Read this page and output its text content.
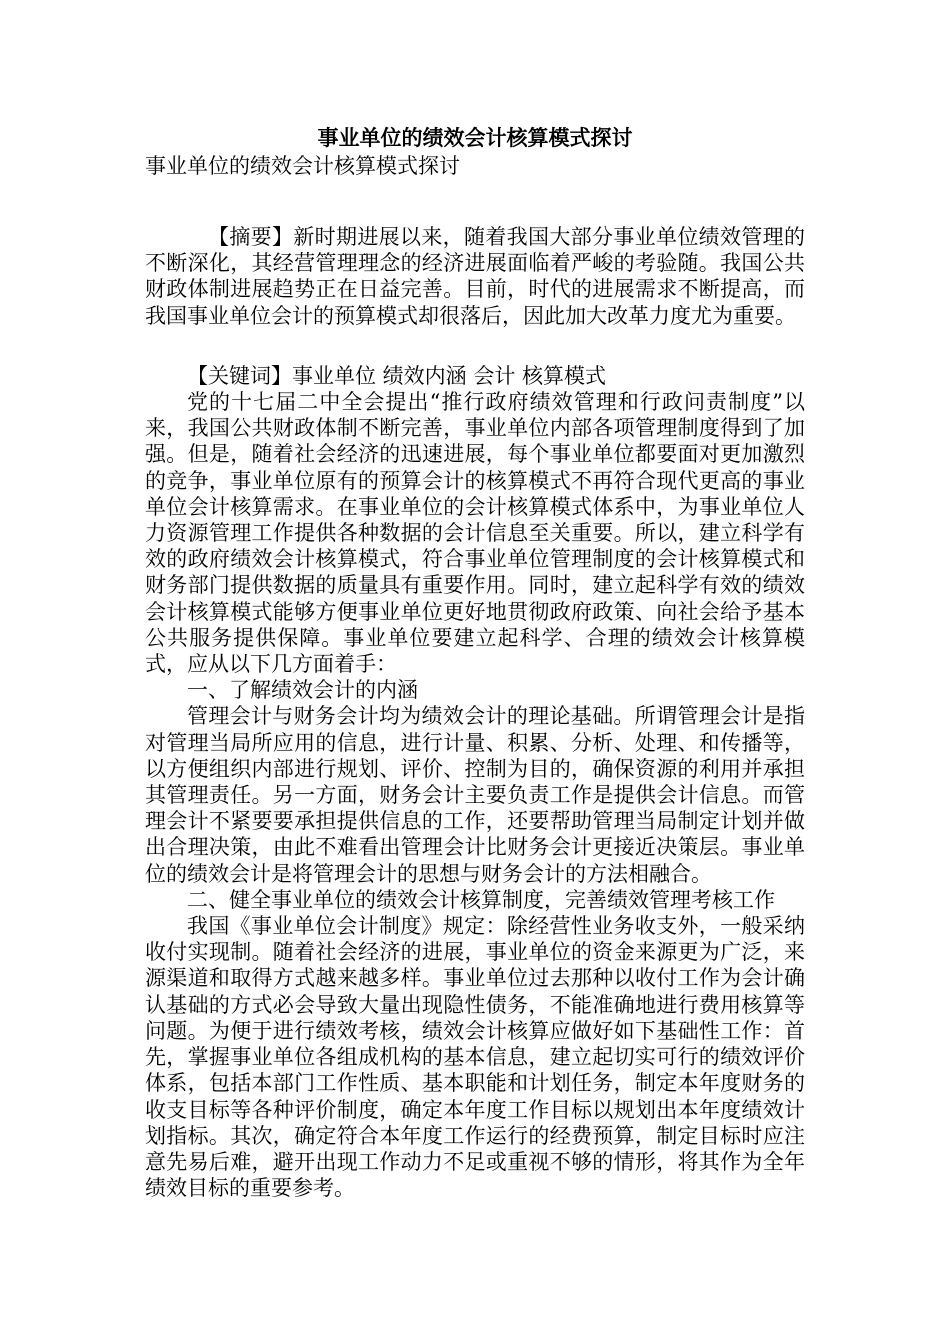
事业单位的绩效会计核算模式探讨
事业单位的绩效会计核算模式探讨

【摘要】新时期进展以来，随着我国大部分事业单位绩效管理的不断深化，其经营管理理念的经济进展面临着严峻的考验随。我国公共财政体制进展趋势正在日益完善。目前，时代的进展需求不断提高，而我国事业单位会计的预算模式却很落后，因此加大改革力度尤为重要。

【关键词】事业单位 绩效内涵 会计 核算模式

党的十七届二中全会提出“推行政府绩效管理和行政问责制度”以来，我国公共财政体制不断完善，事业单位内部各项管理制度得到了加强。但是，随着社会经济的迅速进展，每个事业单位都要面对更加激烈的竞争，事业单位原有的预算会计的核算模式不再符合现代更高的事业单位会计核算需求。在事业单位的会计核算模式体系中，为事业单位人力资源管理工作提供各种数据的会计信息至关重要。所以，建立科学有效的政府绩效会计核算模式，符合事业单位管理制度的会计核算模式和财务部门提供数据的质量具有重要作用。同时，建立起科学有效的绩效会计核算模式能够方便事业单位更好地贯彻政府政策、向社会给予基本公共服务提供保障。事业单位要建立起科学、合理的绩效会计核算模式，应从以下几方面着手：

一、了解绩效会计的内涵

管理会计与财务会计均为绩效会计的理论基础。所谓管理会计是指对管理当局所应用的信息，进行计量、积累、分析、处理、和传播等，以方便组织内部进行规划、评价、控制为目的，确保资源的利用并承担其管理责任。另一方面，财务会计主要负责工作是提供会计信息。而管理会计不紧要要承担提供信息的工作，还要帮助管理当局制定计划并做出合理决策，由此不难看出管理会计比财务会计更接近决策层。事业单位的绩效会计是将管理会计的思想与财务会计的方法相融合。

二、健全事业单位的绩效会计核算制度，完善绩效管理考核工作

我国《事业单位会计制度》规定：除经营性业务收支外，一般采纳收付实现制。随着社会经济的进展，事业单位的资金来源更为广泛，来源渠道和取得方式越来越多样。事业单位过去那种以收付工作为会计确认基础的方式必会导致大量出现隐性债务，不能准确地进行费用核算等问题。为便于进行绩效考核，绩效会计核算应做好如下基础性工作：首先，掌握事业单位各组成机构的基本信息，建立起切实可行的绩效评价体系，包括本部门工作性质、基本职能和计划任务，制定本年度财务的收支目标等各种评价制度，确定本年度工作目标以规划出本年度绩效计划指标。其次，确定符合本年度工作运行的经费预算，制定目标时应注意先易后难，避开出现工作动力不足或重视不够的情形，将其作为全年绩效目标的重要参考。
